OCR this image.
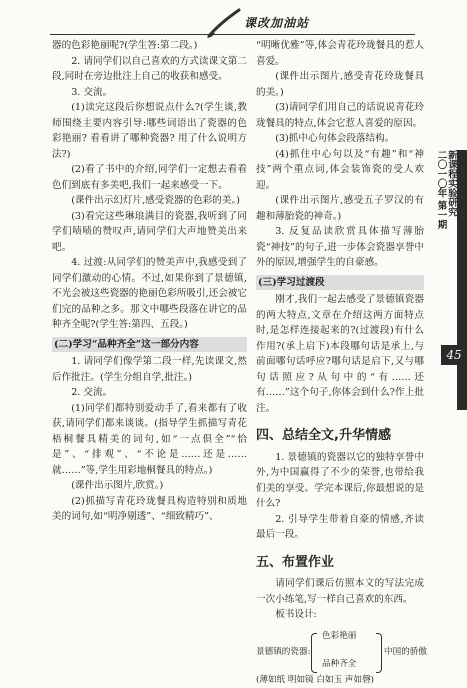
课改加油站
新课程实验研究
二〇一〇年 第一期
45

器的色彩艳丽呢?(学生答:第二段。)

2. 请同学们以自己喜欢的方式读课文第二段,同时在旁边批注上自己的收获和感受。

3. 交流。

(1)读完这段后你想说点什么?(学生谈,教师围绕主要内容引导:哪些词语出了瓷器的色彩艳丽? 看看讲了哪种瓷器? 用了什么说明方法?)

(2)看了书中的介绍,同学们一定想去看看色们到底有多美吧,我们一起来感受一下。

(课件出示幻灯片,感受瓷器的色彩的美。)

(3)看完这些琳琅满目的瓷器,我听到了同学们啧啧的赞叹声,请同学们大声地赞美出来吧。

4. 过渡:从同学们的赞美声中,我感受到了同学们激动的心情。不过,如果你到了景德镇,不光会被这些瓷器的艳丽色彩所吸引,还会被它们完的品种之多。那文中哪些段落在讲它的品种齐全呢?(学生答:第四、五段。)

(二)学习“品种齐全”这一部分内容

1. 请同学们像学第二段一样,先读课文,然后作批注。(学生分组自学,批注。)

2. 交流。

(1)同学们都特别爱动手了,看来都有了收获,请同学们都来谈谈。(指导学生抓描写青花梧桐餐具精美的词句,如“一点俱全”“恰是”、“排观”、“不论是……还是……就……”等,学生用彩地桐餐具的特点。)

(课件出示图片,欣赏。)

(2)抓描写青花玲珑餐具构造特别和质地美的词句,如“明净剔透”、“细致精巧”、

“明晰优雅”等,体会青花玲珑餐具的惹人喜爱。

(课件出示图片,感受青花玲珑餐具的美。)

(3)请同学们用自己的话说说青花玲珑餐具的特点,体会它惹人喜爱的原因。

(3)抓中心句体会段落结构。

(4)抓住中心句以及“有趣”和“神技”两个重点词,体会装饰瓷的受人欢迎。

(课件出示图片,感受五子罗汉的有趣和薄胎瓷的神奇。)

3. 反复品读欣赏具体描写薄胎瓷“神技”的句子,进一步体会瓷器享誉中外的原因,增强学生的自豪感。

(三)学习过渡段

刚才,我们一起去感受了景德镇瓷器的两大特点,文章在介绍这两方面特点时,是怎样连接起来的?(过渡段)有什么作用?(承上启下)本段哪句话是承上,与前面哪句话呼应?哪句话是启下,又与哪句话照应?从句中的“有……还有……”这个句子,你体会到什么?作上批注。

四、总结全文,升华情感

1. 景德镇的瓷器以它的独特享誉中外,为中国赢得了不少的荣誉,也带给我们美的享受。学完本课后,你最想说的是什么?

2. 引导学生带着自豪的情感,齐读最后一段。

五、布置作业

请同学们课后仿照本文的写法完成一次小练笔,写一样自己喜欢的东西。

板书设计:

景德镇的瓷器:
色彩艳丽
品种齐全
中国的骄傲
(薄如纸 明如镜 白如玉 声如磬)
